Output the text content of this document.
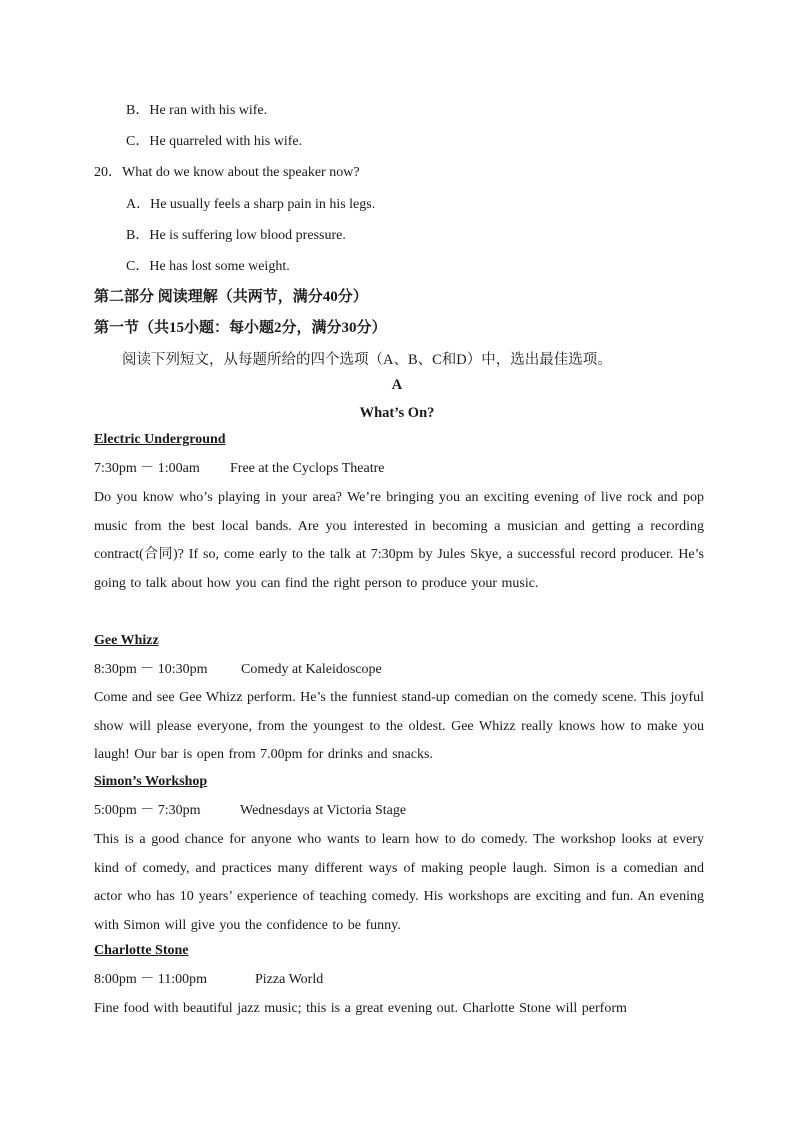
B．He ran with his wife.
C．He quarreled with his wife.
20．What do we know about the speaker now?
A．He usually feels a sharp pain in his legs.
B．He is suffering low blood pressure.
C．He has lost some weight.
第二部分 阅读理解（共两节，满分40分）
第一节（共15小题：每小题2分，满分30分）
阅读下列短文，从每题所给的四个选项（A、B、C和D）中，选出最佳选项。
A
What’s On?
Electric Underground
7:30pm － 1:00am Free at the Cyclops Theatre
Do you know who’s playing in your area? We’re bringing you an exciting evening of live rock and pop music from the best local bands. Are you interested in becoming a musician and getting a recording contract(合同)? If so, come early to the talk at 7:30pm by Jules Skye, a successful record producer. He’s going to talk about how you can find the right person to produce your music.
Gee Whizz
8:30pm － 10:30pm Comedy at Kaleidoscope
Come and see Gee Whizz perform. He’s the funniest stand-up comedian on the comedy scene. This joyful show will please everyone, from the youngest to the oldest. Gee Whizz really knows how to make you laugh! Our bar is open from 7.00pm for drinks and snacks.
Simon’s Workshop
5:00pm － 7:30pm	Wednesdays at Victoria Stage
This is a good chance for anyone who wants to learn how to do comedy. The workshop looks at every kind of comedy, and practices many different ways of making people laugh. Simon is a comedian and actor who has 10 years’ experience of teaching comedy. His workshops are exciting and fun. An evening with Simon will give you the confidence to be funny.
Charlotte Stone
8:00pm － 11:00pm	Pizza World
Fine food with beautiful jazz music; this is a great evening out. Charlotte Stone will perform
